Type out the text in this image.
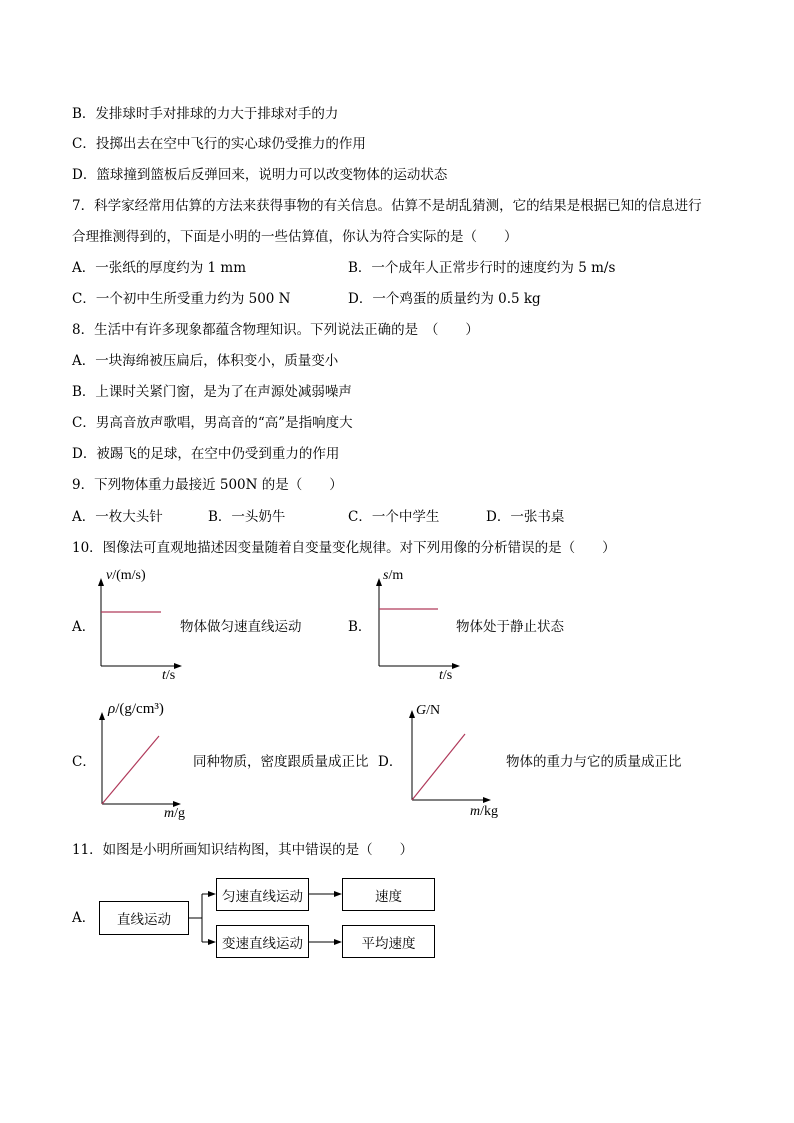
B．发排球时手对排球的力大于排球对手的力
C．投掷出去在空中飞行的实心球仍受推力的作用
D．篮球撞到篮板后反弹回来，说明力可以改变物体的运动状态
7．科学家经常用估算的方法来获得事物的有关信息。估算不是胡乱猜测，它的结果是根据已知的信息进行
合理推测得到的，下面是小明的一些估算值，你认为符合实际的是（　　）
A．一张纸的厚度约为 1 mm	B．一个成年人正常步行时的速度约为 5 m/s
C．一个初中生所受重力约为 500 N	D．一个鸡蛋的质量约为 0.5 kg
8．生活中有许多现象都蕴含物理知识。下列说法正确的是　（　　）
A．一块海绵被压扁后，体积变小，质量变小
B．上课时关紧门窗，是为了在声源处减弱噪声
C．男高音放声歌唱，男高音的“高”是指响度大
D．被踢飞的足球，在空中仍受到重力的作用
9．下列物体重力最接近 500N 的是（　　）
A．一枚大头针	B．一头奶牛	C．一个中学生	D．一张书桌
10．图像法可直观地描述因变量随着自变量变化规律。对下列用像的分析错误的是（　　）
A．
v/(m/s)
t/s
物体做匀速直线运动	B．
s/m
t/s
物体处于静止状态
C．
ρ/(g/cm³)
m/g
同种物质，密度跟质量成正比 D．
G/N
m/kg
物体的重力与它的质量成正比
11．如图是小明所画知识结构图，其中错误的是（　　）
A．	直线运动
匀速直线运动	速度
变速直线运动	平均速度
